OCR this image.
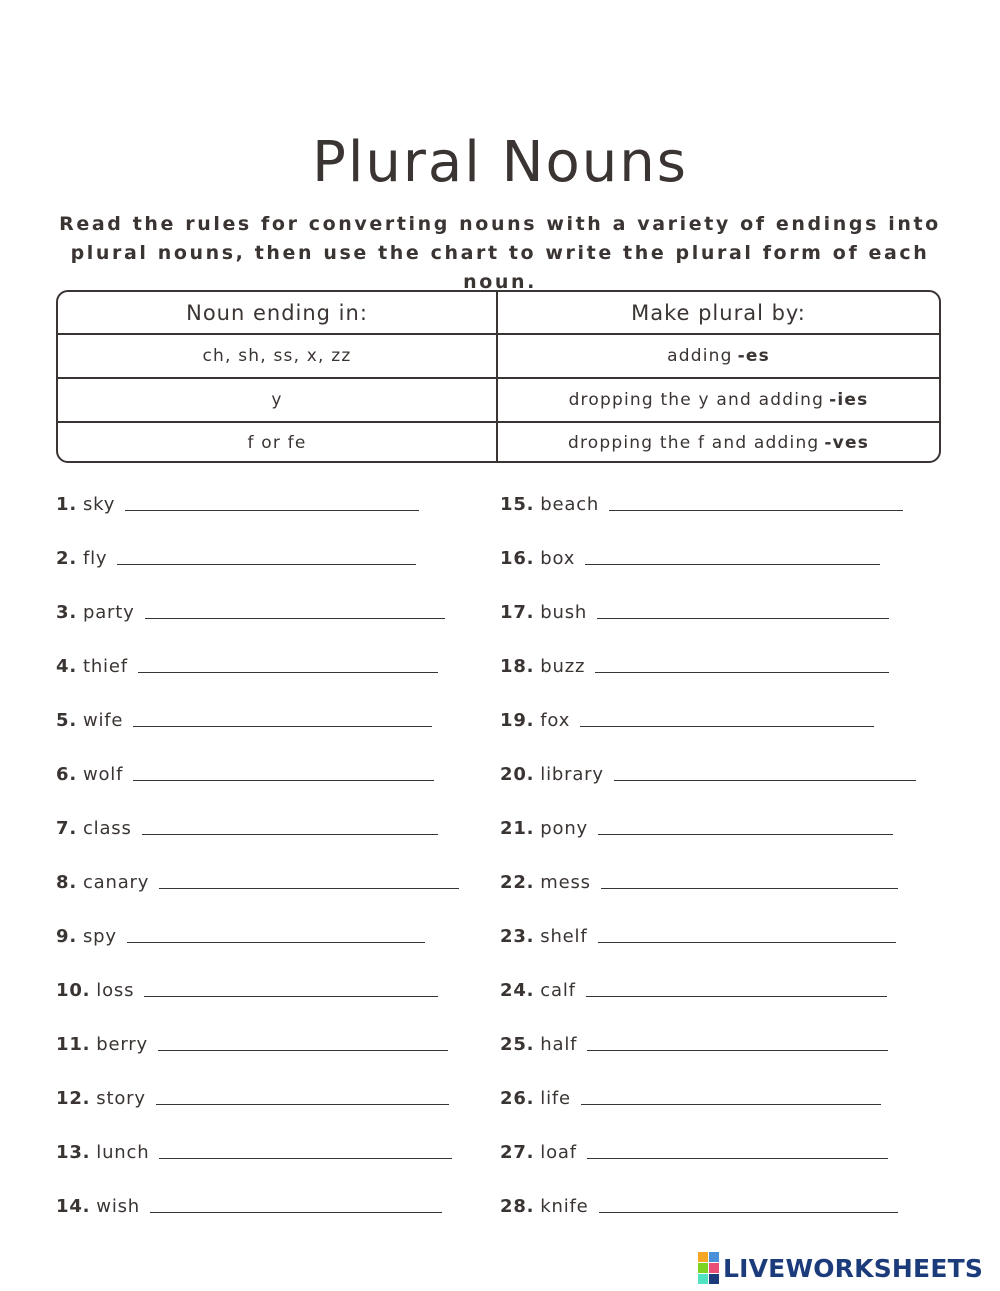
Plural Nouns
Read the rules for converting nouns with a variety of endings into
plural nouns, then use the chart to write the plural form of each noun.
Noun ending in:	Make plural by:
ch, sh, ss, x, zz	adding -es
y	dropping the y and adding -ies
f or fe	dropping the f and adding -ves
1. sky
2. fly
3. party
4. thief
5. wife
6. wolf
7. class
8. canary
9. spy
10. loss
11. berry
12. story
13. lunch
14. wish
15. beach
16. box
17. bush
18. buzz
19. fox
20. library
21. pony
22. mess
23. shelf
24. calf
25. half
26. life
27. loaf
28. knife
LIVEWORKSHEETS
